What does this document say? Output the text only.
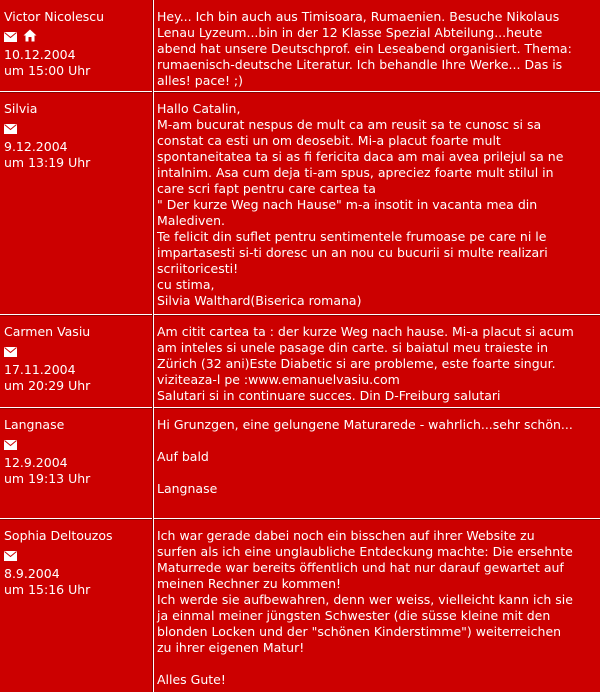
Victor Nicolescu

10.12.2004
um 15:00 Uhr
Hey... Ich bin auch aus Timisoara, Rumaenien. Besuche Nikolaus Lenau Lyzeum...bin in der 12 Klasse Spezial Abteilung...heute abend hat unsere Deutschprof. ein Leseabend organisiert. Thema: rumaenisch-deutsche Literatur. Ich behandle Ihre Werke... Das is alles! pace! ;)
Silvia
9.12.2004
um 13:19 Uhr
Hallo Catalin,
M-am bucurat nespus de mult ca am reusit sa te cunosc si sa constat ca esti un om deosebit. Mi-a placut foarte mult spontaneitatea ta si as fi fericita daca am mai avea prilejul sa ne intalnim. Asa cum deja ti-am spus, apreciez foarte mult stilul in care scri fapt pentru care cartea ta
" Der kurze Weg nach Hause" m-a insotit in vacanta mea din Malediven.
Te felicit din suflet pentru sentimentele frumoase pe care ni le impartasesti si-ti doresc un an nou cu bucurii si multe realizari scriitoricesti!
cu stima,
Silvia Walthard(Biserica romana)
Carmen Vasiu
17.11.2004
um 20:29 Uhr
Am citit cartea ta : der kurze Weg nach hause. Mi-a placut si acum am inteles si unele pasage din carte. si baiatul meu traieste in Zürich (32 ani)Este Diabetic si are probleme, este foarte singur. viziteaza-l pe :www.emanuelvasiu.com
Salutari si in continuare succes. Din D-Freiburg salutari
Langnase
12.9.2004
um 19:13 Uhr
Hi Grunzgen, eine gelungene Maturarede - wahrlich...sehr schön...

Auf bald

Langnase
Sophia Deltouzos
8.9.2004
um 15:16 Uhr
Ich war gerade dabei noch ein bisschen auf ihrer Website zu surfen als ich eine unglaubliche Entdeckung machte: Die ersehnte Maturrede war bereits öffentlich und hat nur darauf gewartet auf meinen Rechner zu kommen!
Ich werde sie aufbewahren, denn wer weiss, vielleicht kann ich sie ja einmal meiner jüngsten Schwester (die süsse kleine mit den blonden Locken und der "schönen Kinderstimme") weiterreichen zu ihrer eigenen Matur!

Alles Gute!
